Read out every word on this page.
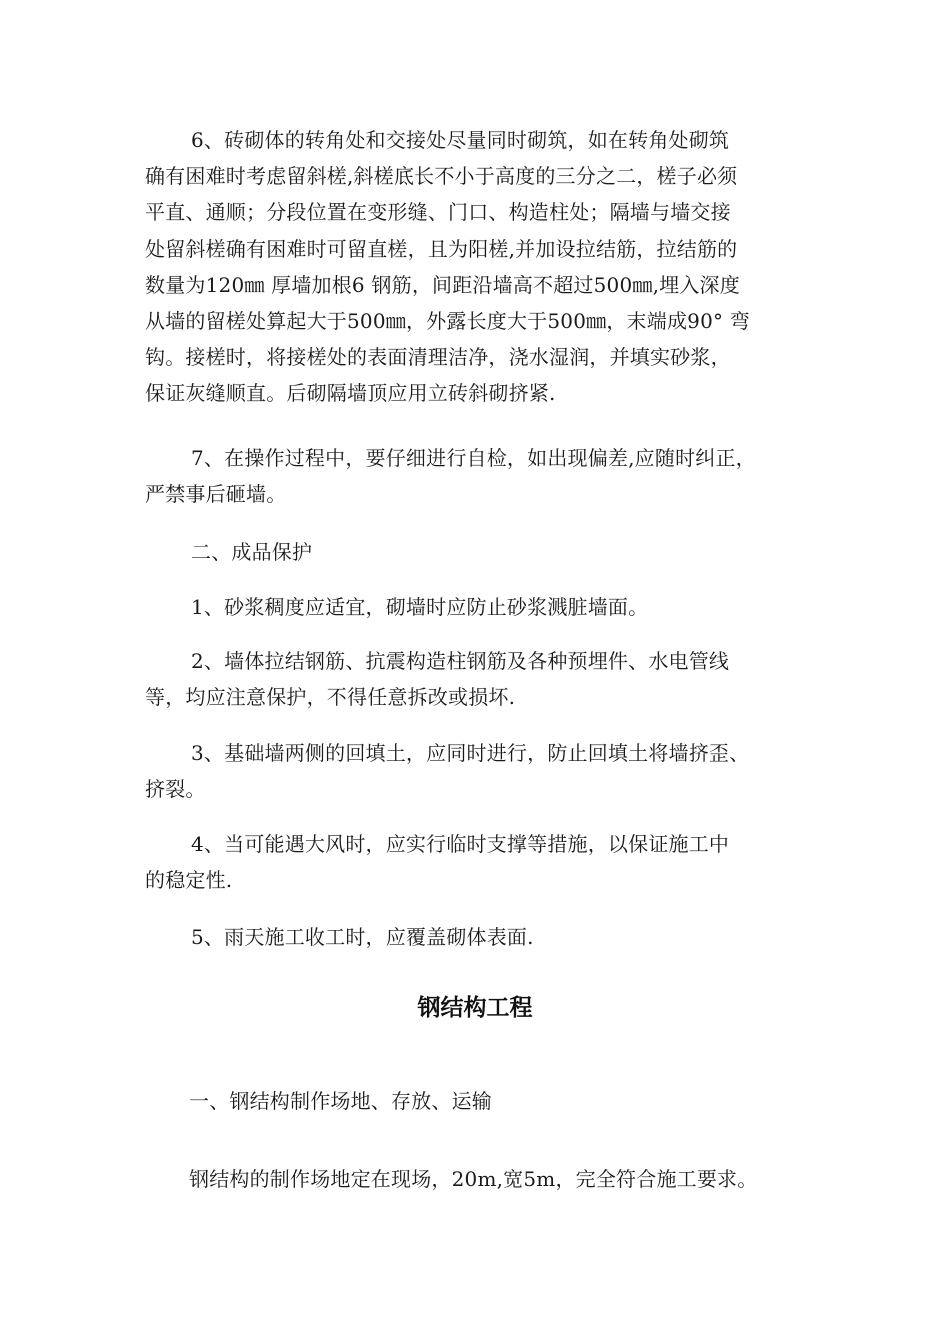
6、砖砌体的转角处和交接处尽量同时砌筑，如在转角处砌筑
确有困难时考虑留斜槎,斜槎底长不小于高度的三分之二，槎子必须
平直、通顺；分段位置在变形缝、门口、构造柱处；隔墙与墙交接
处留斜槎确有困难时可留直槎，且为阳槎,并加设拉结筋，拉结筋的
数量为120㎜ 厚墙加根6 钢筋，间距沿墙高不超过500㎜,埋入深度
从墙的留槎处算起大于500㎜，外露长度大于500㎜，末端成90° 弯
钩。接槎时，将接槎处的表面清理洁净，浇水湿润，并填实砂浆，
保证灰缝顺直。后砌隔墙顶应用立砖斜砌挤紧.
7、在操作过程中，要仔细进行自检，如出现偏差,应随时纠正，
严禁事后砸墙。
二、成品保护
1、砂浆稠度应适宜，砌墙时应防止砂浆溅脏墙面。
2、墙体拉结钢筋、抗震构造柱钢筋及各种预埋件、水电管线
等，均应注意保护，不得任意拆改或损坏.
3、基础墙两侧的回填土，应同时进行，防止回填土将墙挤歪、
挤裂。
4、当可能遇大风时，应实行临时支撑等措施，以保证施工中
的稳定性.
5、雨天施工收工时，应覆盖砌体表面.
钢结构工程
一、钢结构制作场地、存放、运输
钢结构的制作场地定在现场，20m,宽5m，完全符合施工要求。
